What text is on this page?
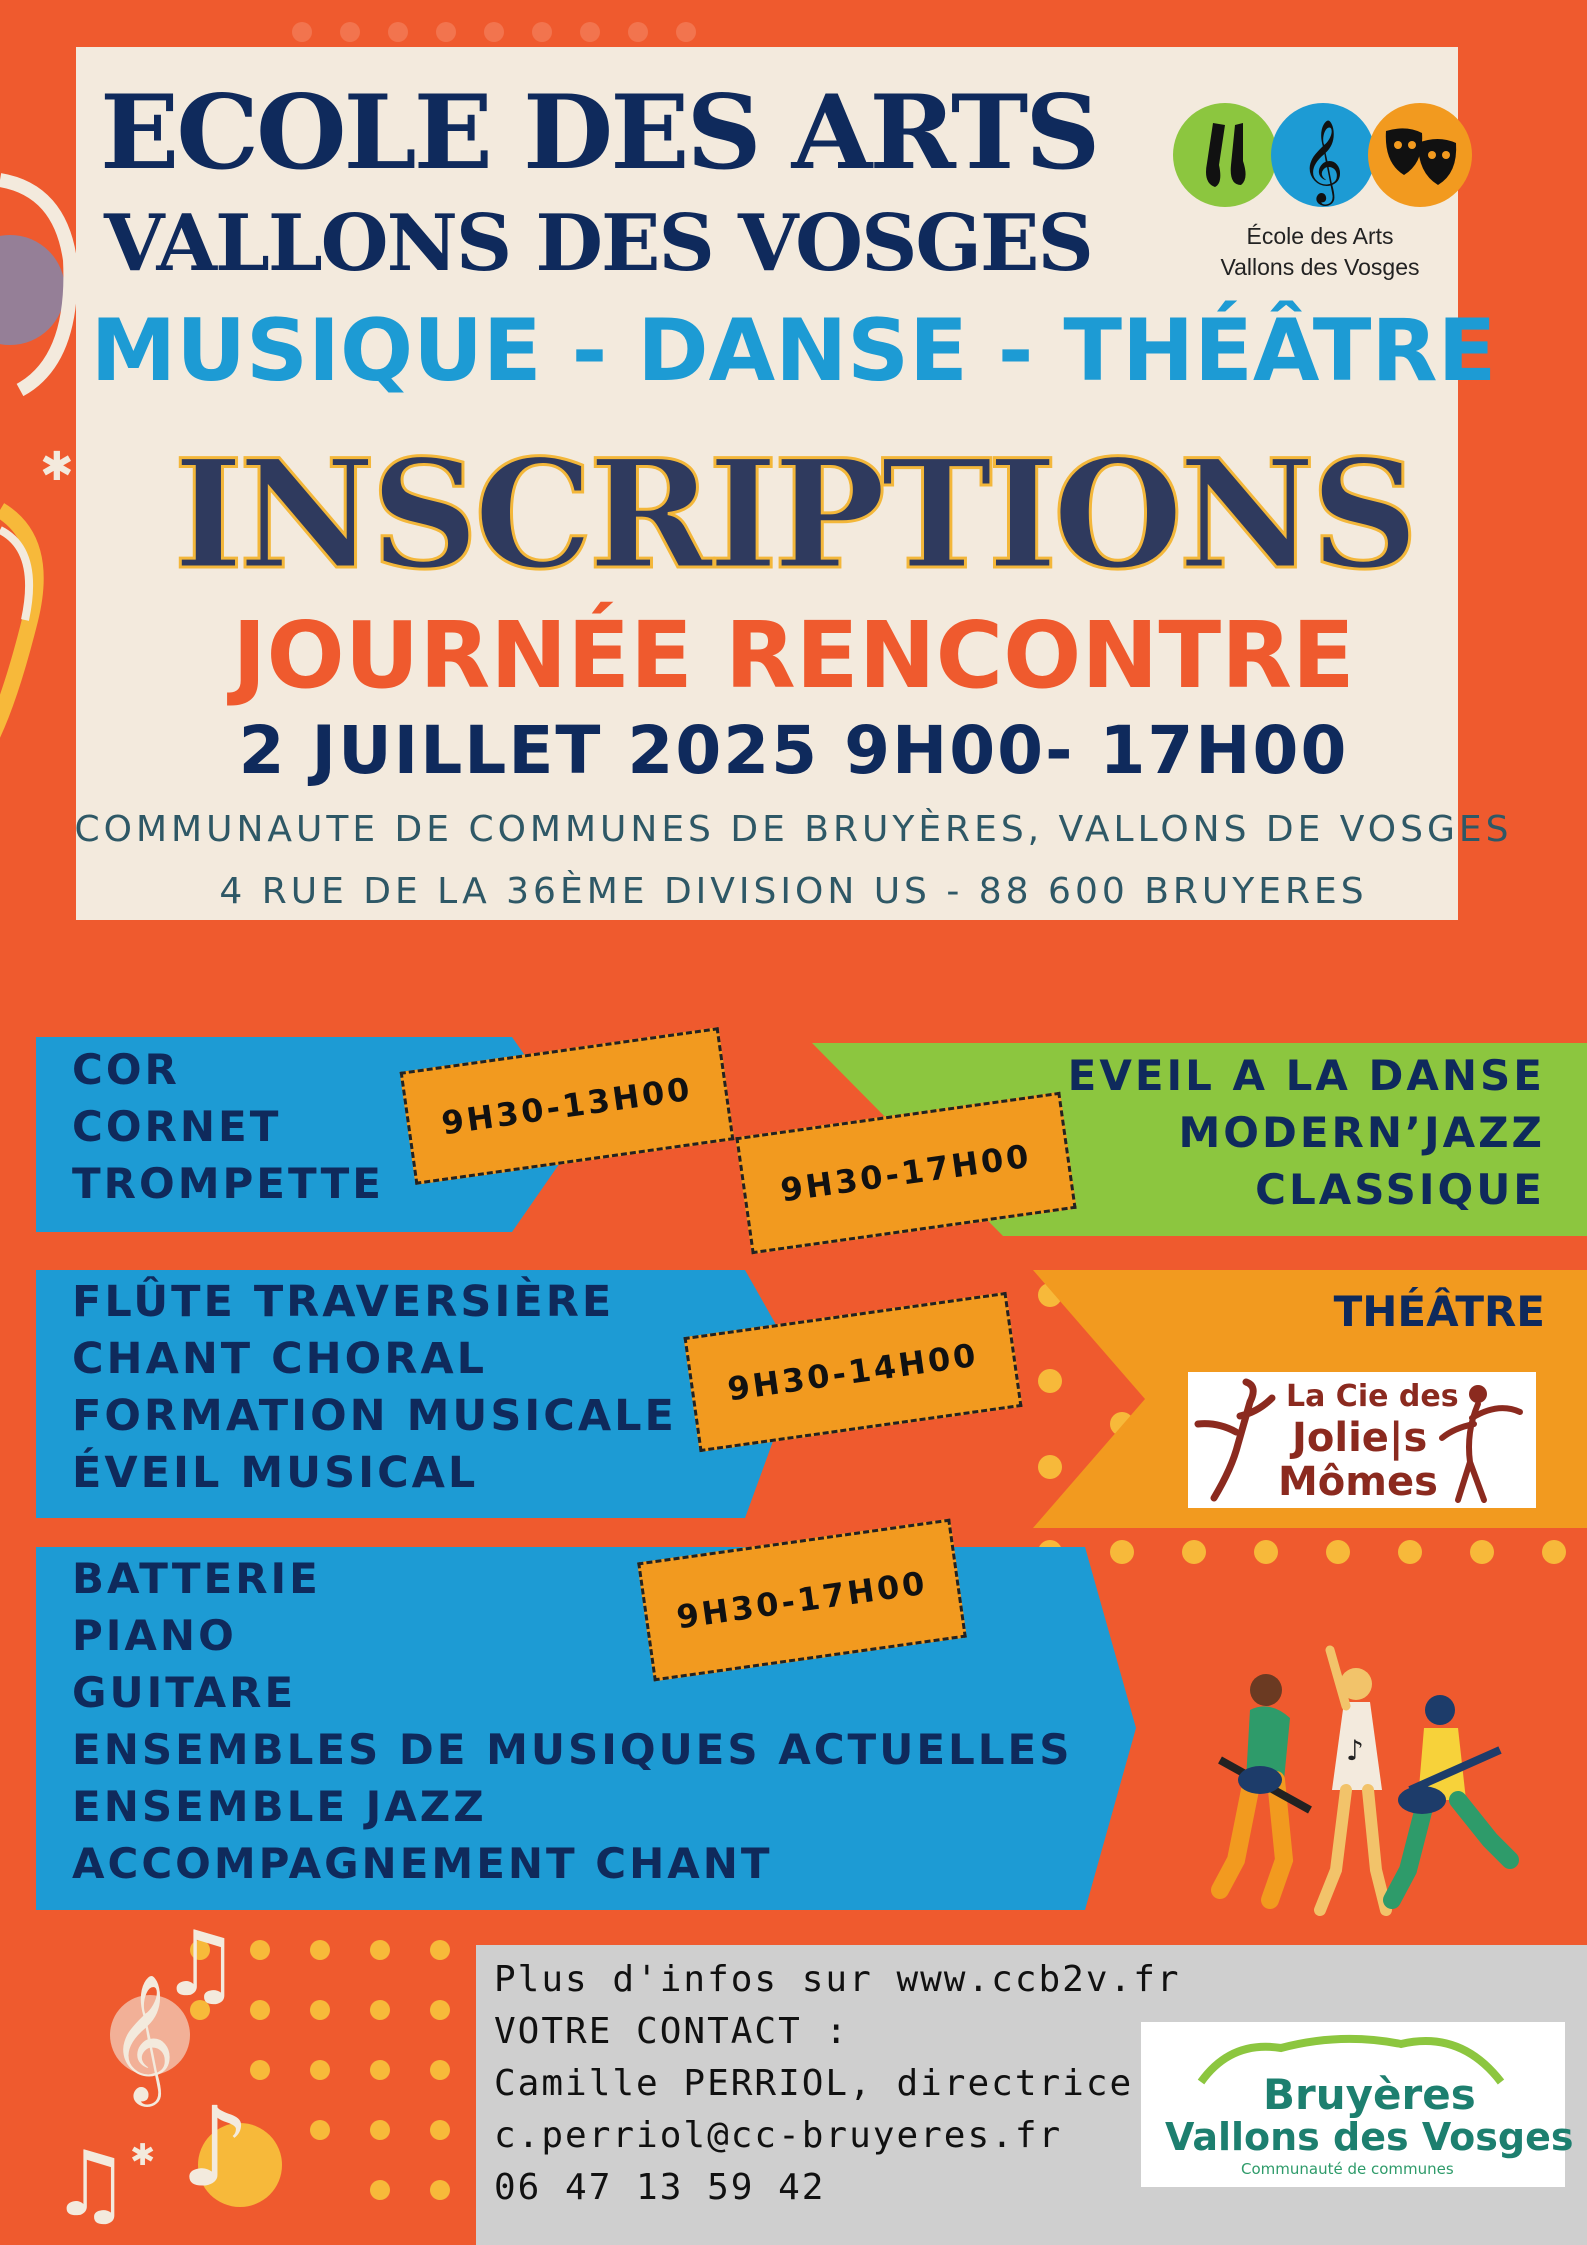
✱
ECOLE DES ARTS
VALLONS DES VOSGES
𝄞
École des Arts
Vallons des Vosges
MUSIQUE - DANSE - THÉÂTRE
INSCRIPTIONS
JOURNÉE RENCONTRE
2 JUILLET 2025 9H00- 17H00
COMMUNAUTE DE COMMUNES DE BRUYÈRES, VALLONS DE VOSGES
4 RUE DE LA 36ÈME DIVISION US - 88 600 BRUYERES
COR
CORNET
TROMPETTE
9H30-13H00	EVEIL A LA DANSE
MODERN’JAZZ
CLASSIQUE
9H30-17H00
FLÛTE TRAVERSIÈRE
CHANT CHORAL
FORMATION MUSICALE
ÉVEIL MUSICAL
9H30-14H00
THÉÂTRE
La Cie des
Jolie|s
Mômes
BATTERIE
PIANO
GUITARE
ENSEMBLES DE MUSIQUES ACTUELLES
ENSEMBLE JAZZ
ACCOMPAGNEMENT CHANT
9H30-17H00
♪
𝄞
♫
♪
♫ ✱
Plus d'infos sur www.ccb2v.fr
VOTRE CONTACT :
Camille PERRIOL, directrice
c.perriol@cc-bruyeres.fr
06 47 13 59 42
Bruyères
Vallons des Vosges
Communauté de communes
